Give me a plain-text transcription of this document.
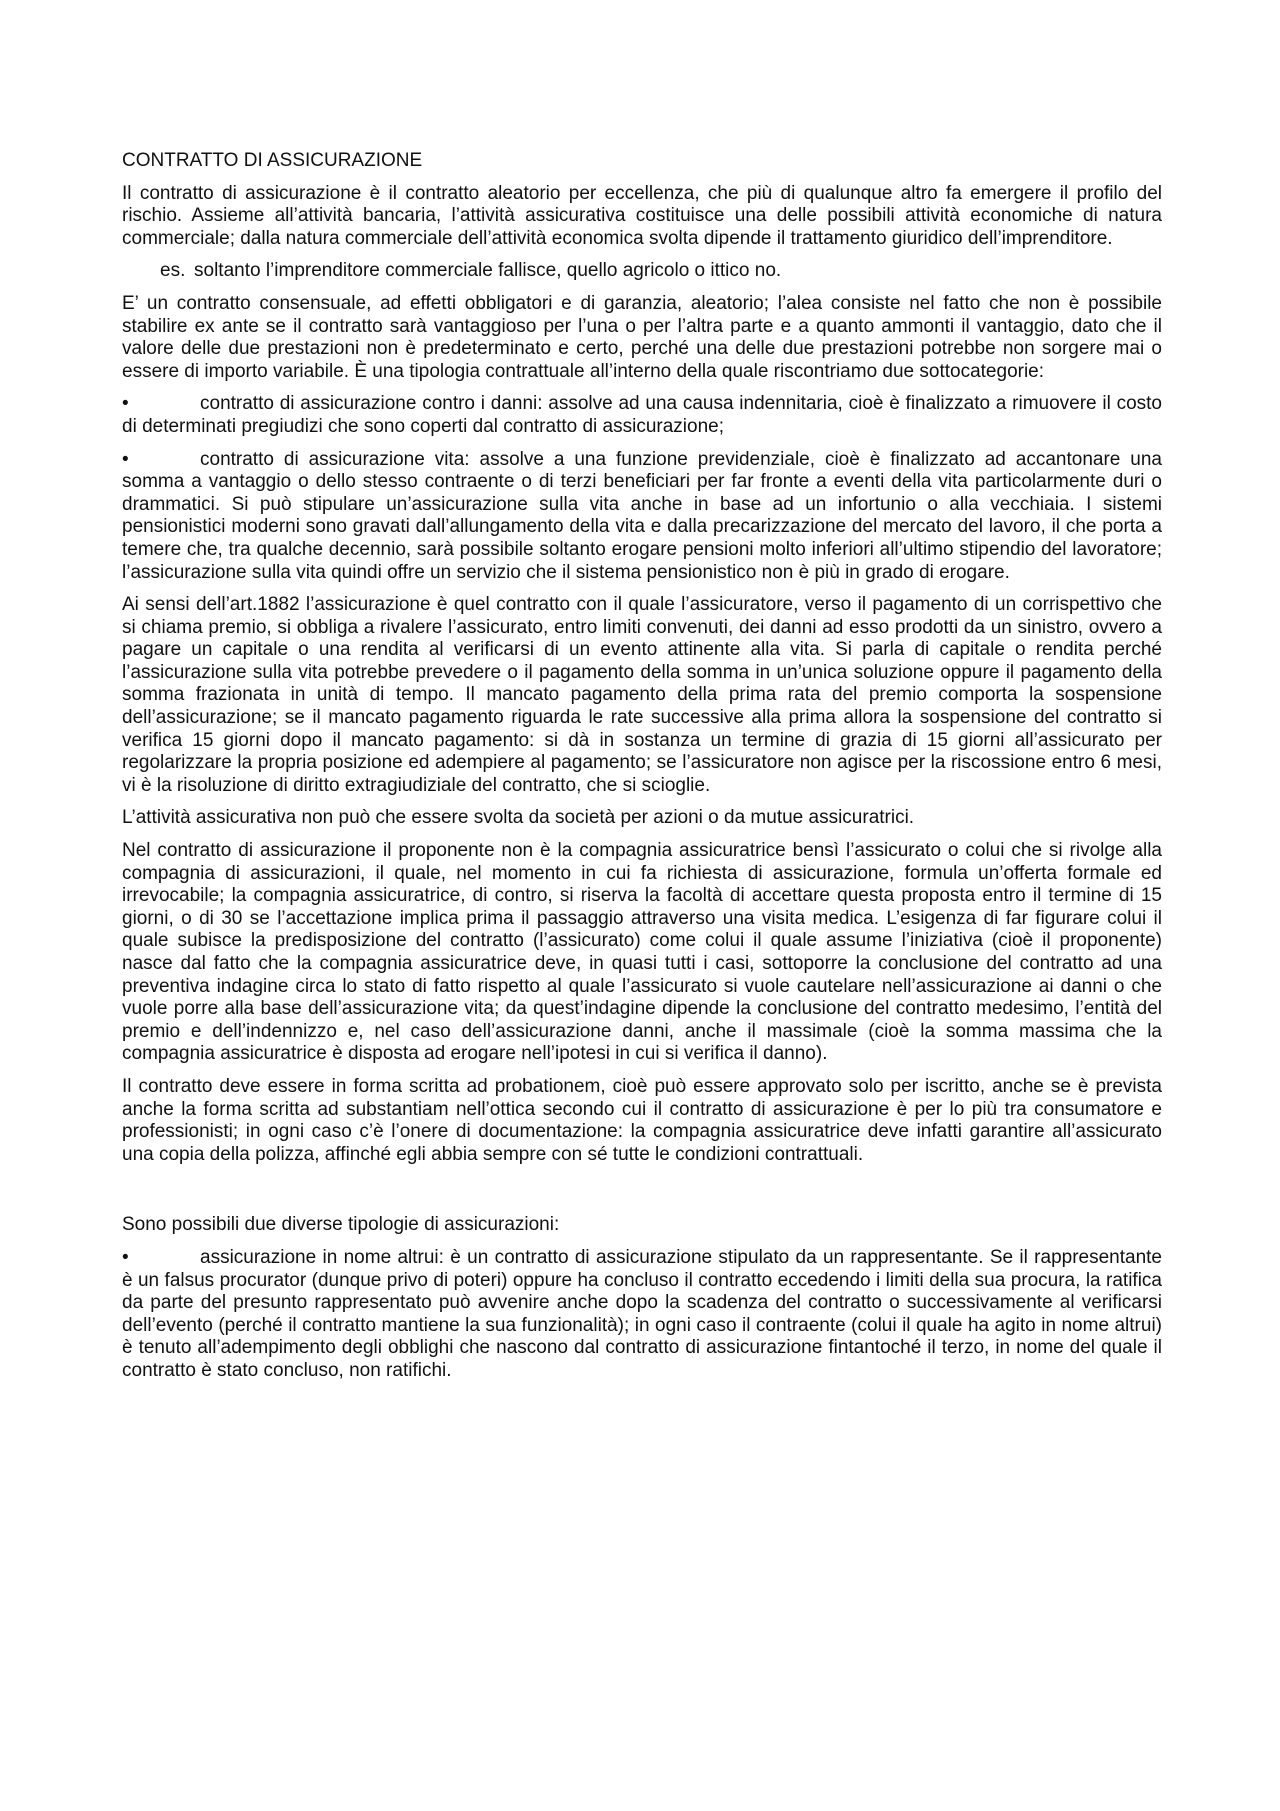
CONTRATTO DI ASSICURAZIONE

Il contratto di assicurazione è il contratto aleatorio per eccellenza, che più di qualunque altro fa emergere il profilo del rischio. Assieme all’attività bancaria, l’attività assicurativa costituisce una delle possibili attività economiche di natura commerciale; dalla natura commerciale dell’attività economica svolta dipende il trattamento giuridico dell’imprenditore.

es. soltanto l’imprenditore commerciale fallisce, quello agricolo o ittico no.

E’ un contratto consensuale, ad effetti obbligatori e di garanzia, aleatorio; l’alea consiste nel fatto che non è possibile stabilire ex ante se il contratto sarà vantaggioso per l’una o per l’altra parte e a quanto ammonti il vantaggio, dato che il valore delle due prestazioni non è predeterminato e certo, perché una delle due prestazioni potrebbe non sorgere mai o essere di importo variabile. È una tipologia contrattuale all’interno della quale riscontriamo due sottocategorie:

•	contratto di assicurazione contro i danni: assolve ad una causa indennitaria, cioè è finalizzato a rimuovere il costo di determinati pregiudizi che sono coperti dal contratto di assicurazione;

•	contratto di assicurazione vita: assolve a una funzione previdenziale, cioè è finalizzato ad accantonare una somma a vantaggio o dello stesso contraente o di terzi beneficiari per far fronte a eventi della vita particolarmente duri o drammatici. Si può stipulare un’assicurazione sulla vita anche in base ad un infortunio o alla vecchiaia. I sistemi pensionistici moderni sono gravati dall’allungamento della vita e dalla precarizzazione del mercato del lavoro, il che porta a temere che, tra qualche decennio, sarà possibile soltanto erogare pensioni molto inferiori all’ultimo stipendio del lavoratore; l’assicurazione sulla vita quindi offre un servizio che il sistema pensionistico non è più in grado di erogare.

Ai sensi dell’art.1882 l’assicurazione è quel contratto con il quale l’assicuratore, verso il pagamento di un corrispettivo che si chiama premio, si obbliga a rivalere l’assicurato, entro limiti convenuti, dei danni ad esso prodotti da un sinistro, ovvero a pagare un capitale o una rendita al verificarsi di un evento attinente alla vita. Si parla di capitale o rendita perché l’assicurazione sulla vita potrebbe prevedere o il pagamento della somma in un’unica soluzione oppure il pagamento della somma frazionata in unità di tempo. Il mancato pagamento della prima rata del premio comporta la sospensione dell’assicurazione; se il mancato pagamento riguarda le rate successive alla prima allora la sospensione del contratto si verifica 15 giorni dopo il mancato pagamento: si dà in sostanza un termine di grazia di 15 giorni all’assicurato per regolarizzare la propria posizione ed adempiere al pagamento; se l’assicuratore non agisce per la riscossione entro 6 mesi, vi è la risoluzione di diritto extragiudiziale del contratto, che si scioglie.

L’attività assicurativa non può che essere svolta da società per azioni o da mutue assicuratrici.

Nel contratto di assicurazione il proponente non è la compagnia assicuratrice bensì l’assicurato o colui che si rivolge alla compagnia di assicurazioni, il quale, nel momento in cui fa richiesta di assicurazione, formula un’offerta formale ed irrevocabile; la compagnia assicuratrice, di contro, si riserva la facoltà di accettare questa proposta entro il termine di 15 giorni, o di 30 se l’accettazione implica prima il passaggio attraverso una visita medica. L’esigenza di far figurare colui il quale subisce la predisposizione del contratto (l’assicurato) come colui il quale assume l’iniziativa (cioè il proponente) nasce dal fatto che la compagnia assicuratrice deve, in quasi tutti i casi, sottoporre la conclusione del contratto ad una preventiva indagine circa lo stato di fatto rispetto al quale l’assicurato si vuole cautelare nell’assicurazione ai danni o che vuole porre alla base dell’assicurazione vita; da quest’indagine dipende la conclusione del contratto medesimo, l’entità del premio e dell’indennizzo e, nel caso dell’assicurazione danni, anche il massimale (cioè la somma massima che la compagnia assicuratrice è disposta ad erogare nell’ipotesi in cui si verifica il danno).

Il contratto deve essere in forma scritta ad probationem, cioè può essere approvato solo per iscritto, anche se è prevista anche la forma scritta ad substantiam nell’ottica secondo cui il contratto di assicurazione è per lo più tra consumatore e professionisti; in ogni caso c’è l’onere di documentazione: la compagnia assicuratrice deve infatti garantire all’assicurato una copia della polizza, affinché egli abbia sempre con sé tutte le condizioni contrattuali.

Sono possibili due diverse tipologie di assicurazioni:

•	assicurazione in nome altrui: è un contratto di assicurazione stipulato da un rappresentante. Se il rappresentante è un falsus procurator (dunque privo di poteri) oppure ha concluso il contratto eccedendo i limiti della sua procura, la ratifica da parte del presunto rappresentato può avvenire anche dopo la scadenza del contratto o successivamente al verificarsi dell’evento (perché il contratto mantiene la sua funzionalità); in ogni caso il contraente (colui il quale ha agito in nome altrui) è tenuto all’adempimento degli obblighi che nascono dal contratto di assicurazione fintantoché il terzo, in nome del quale il contratto è stato concluso, non ratifichi.
